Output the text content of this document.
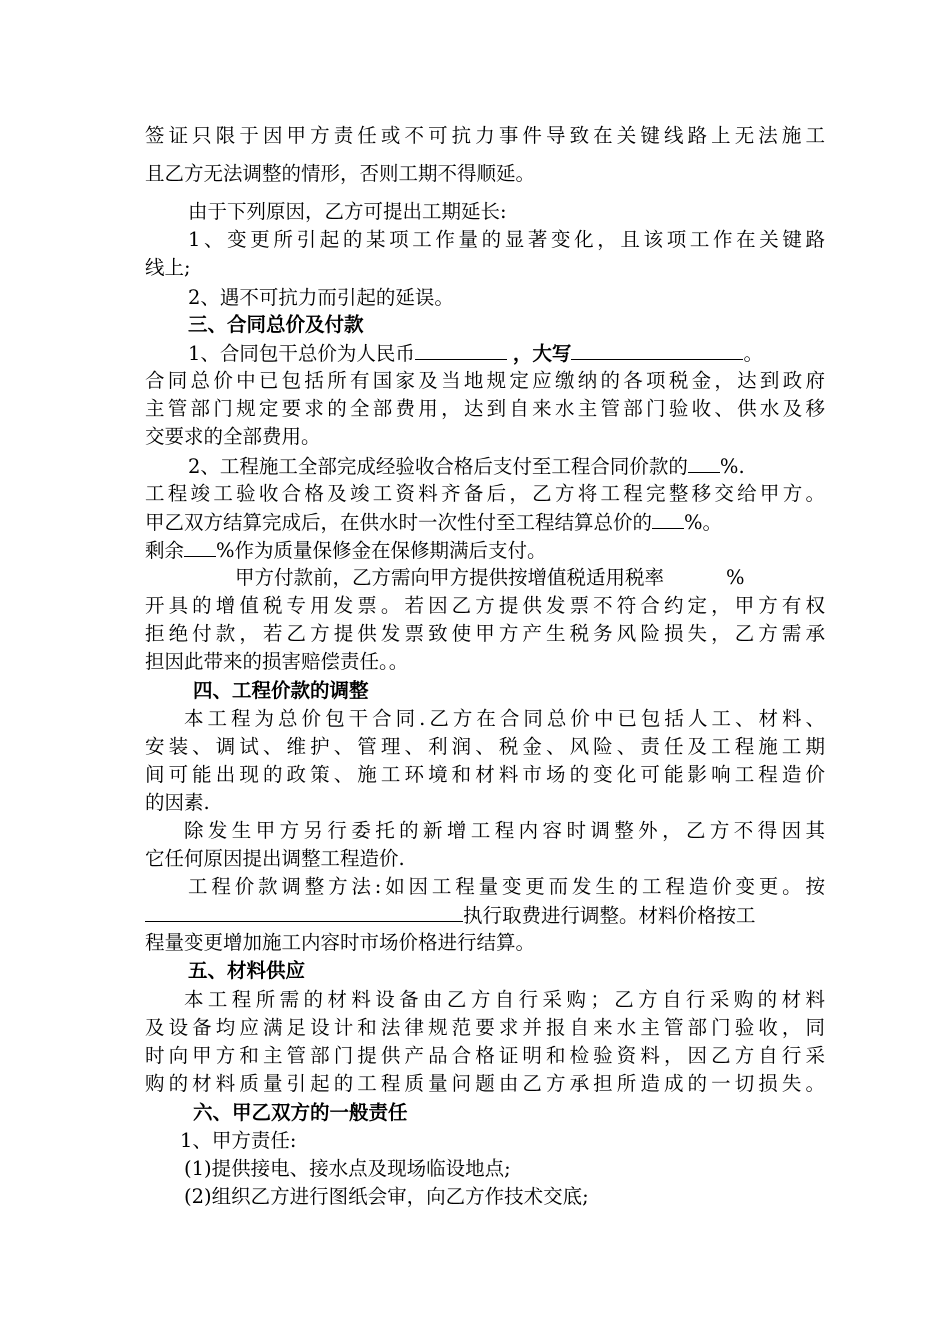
签证只限于因甲方责任或不可抗力事件导致在关键线路上无法施工
且乙方无法调整的情形，否则工期不得顺延。
由于下列原因，乙方可提出工期延长:
1、变更所引起的某项工作量的显著变化，且该项工作在关键路
线上;
2、遇不可抗力而引起的延误。
三、合同总价及付款
1、合同包干总价为人民币	，大写	。
合同总价中已包括所有国家及当地规定应缴纳的各项税金，达到政府
主管部门规定要求的全部费用，达到自来水主管部门验收、供水及移
交要求的全部费用。
2、工程施工全部完成经验收合格后支付至工程合同价款的 %.
工程竣工验收合格及竣工资料齐备后，乙方将工程完整移交给甲方。
甲乙双方结算完成后，在供水时一次性付至工程结算总价的 %。
剩余 %作为质量保修金在保修期满后支付。
甲方付款前，乙方需向甲方提供按增值税适用税率	%
开具的增值税专用发票。若因乙方提供发票不符合约定，甲方有权
拒绝付款，若乙方提供发票致使甲方产生税务风险损失，乙方需承
担因此带来的损害赔偿责任。。
四、工程价款的调整
本工程为总价包干合同.乙方在合同总价中已包括人工、材料、
安装、调试、维护、管理、利润、税金、风险、责任及工程施工期
间可能出现的政策、施工环境和材料市场的变化可能影响工程造价
的因素.
除发生甲方另行委托的新增工程内容时调整外，乙方不得因其
它任何原因提出调整工程造价.
工程价款调整方法:如因工程量变更而发生的工程造价变更。按
执行取费进行调整。材料价格按工
程量变更增加施工内容时市场价格进行结算。
五、材料供应
本工程所需的材料设备由乙方自行采购；乙方自行采购的材料
及设备均应满足设计和法律规范要求并报自来水主管部门验收，同
时向甲方和主管部门提供产品合格证明和检验资料，因乙方自行采
购的材料质量引起的工程质量问题由乙方承担所造成的一切损失。
六、甲乙双方的一般责任
1、甲方责任:
(1)提供接电、接水点及现场临设地点;
(2)组织乙方进行图纸会审，向乙方作技术交底;
